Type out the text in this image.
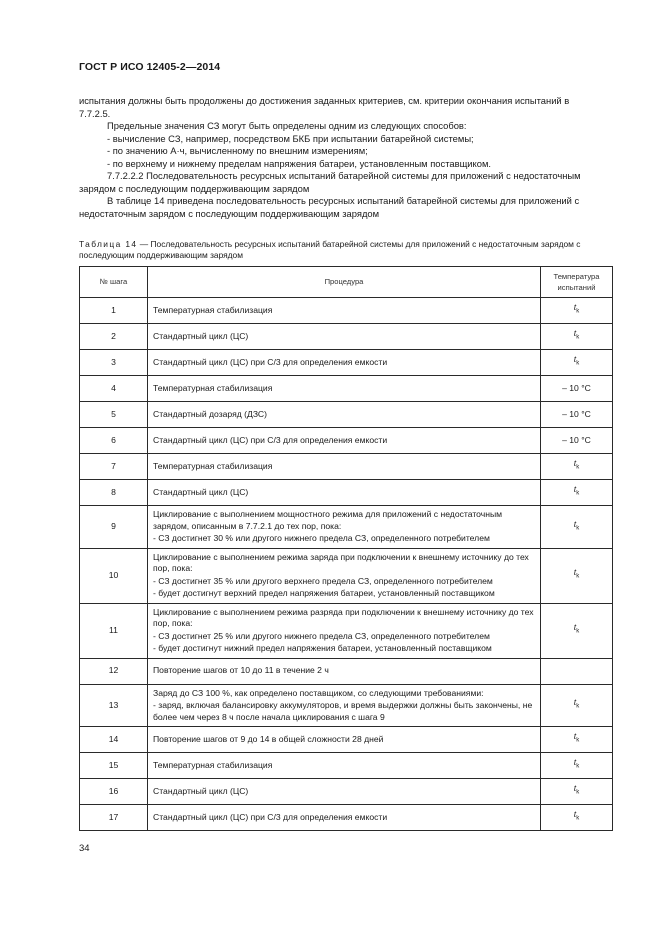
ГОСТ Р ИСО 12405-2—2014

испытания должны быть продолжены до достижения заданных критериев, см. критерии окончания испытаний в 7.7.2.5.

Предельные значения СЗ могут быть определены одним из следующих способов:

- вычисление СЗ, например, посредством БКБ при испытании батарейной системы;

- по значению А·ч, вычисленному по внешним измерениям;

- по верхнему и нижнему пределам напряжения батареи, установленным поставщиком.

7.7.2.2.2 Последовательность ресурсных испытаний батарейной системы для приложений с недостаточным зарядом с последующим поддерживающим зарядом

В таблице 14 приведена последовательность ресурсных испытаний батарейной системы для приложений с недостаточным зарядом с последующим поддерживающим зарядом

Таблица 14 — Последовательность ресурсных испытаний батарейной системы для приложений с недостаточным зарядом с последующим поддерживающим зарядом
№ шага	Процедура	Температура испытаний
1	Температурная стабилизация	$t_k$
2	Стандартный цикл (ЦС)	$t_k$
3	Стандартный цикл (ЦС) при С/3 для определения емкости	$t_k$
4	Температурная стабилизация	– 10 °С
5	Стандартный дозаряд (ДЗС)	– 10 °С
6	Стандартный цикл (ЦС) при С/3 для определения емкости	– 10 °С
7	Температурная стабилизация	$t_k$
8	Стандартный цикл (ЦС)	$t_k$
9	Циклирование с выполнением мощностного режима для приложений с недостаточным зарядом, описанным в 7.7.2.1 до тех пор, пока:
- СЗ достигнет 30 % или другого нижнего предела СЗ, определенного потребителем	$t_k$
10	Циклирование с выполнением режима заряда при подключении к внешнему источнику до тех пор, пока:
- СЗ достигнет 35 % или другого верхнего предела СЗ, определенного потребителем
- будет достигнут верхний предел напряжения батареи, установленный поставщиком	$t_k$
11	Циклирование с выполнением режима разряда при подключении к внешнему источнику до тех пор, пока:
- СЗ достигнет 25 % или другого нижнего предела СЗ, определенного потребителем
- будет достигнут нижний предел напряжения батареи, установленный поставщиком	$t_k$
12	Повторение шагов от 10 до 11 в течение 2 ч	

13	Заряд до СЗ 100 %, как определено поставщиком, со следующими требованиями:
- заряд, включая балансировку аккумуляторов, и время выдержки должны быть закончены, не более чем через 8 ч после начала циклирования с шага 9	$t_k$
14	Повторение шагов от 9 до 14 в общей сложности 28 дней	$t_k$
15	Температурная стабилизация	$t_k$
16	Стандартный цикл (ЦС)	$t_k$
17	Стандартный цикл (ЦС) при С/3 для определения емкости	$t_k$
34
